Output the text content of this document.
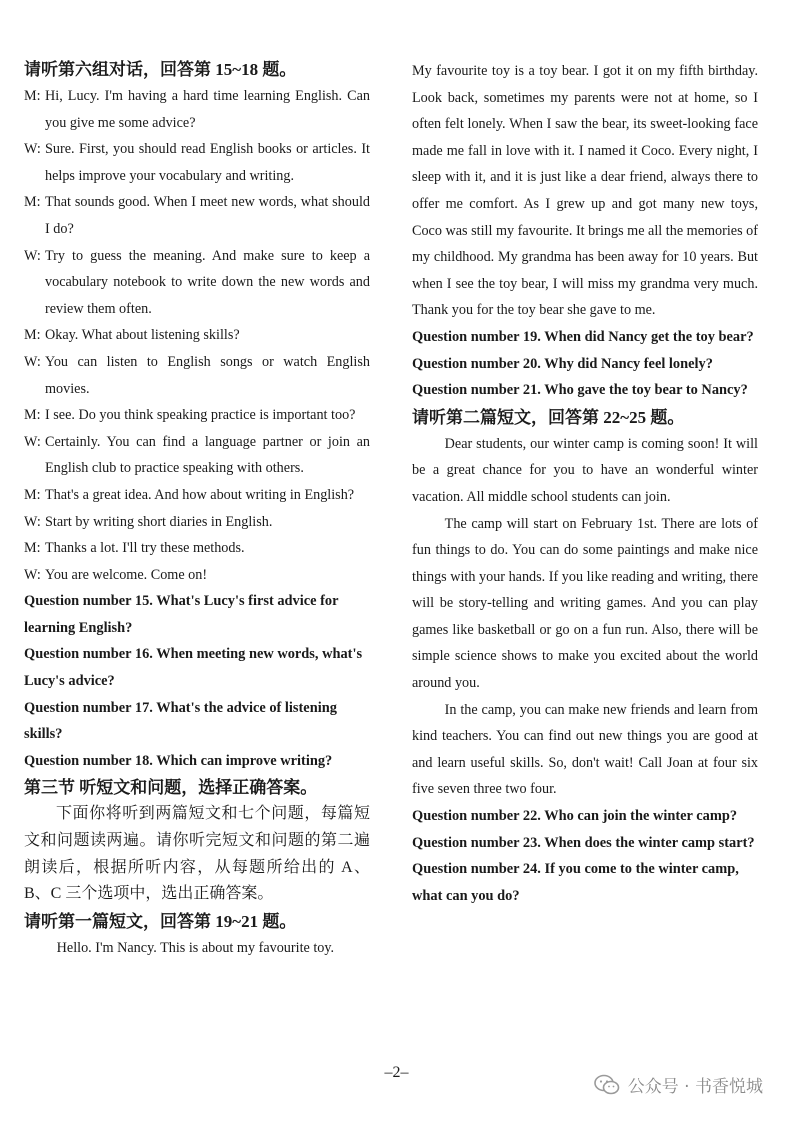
请听第六组对话，回答第 15~18 题。

M: Hi, Lucy. I'm having a hard time learning English. Can you give me some advice?
W: Sure. First, you should read English books or articles. It helps improve your vocabulary and writing.
M: That sounds good. When I meet new words, what should I do?
W: Try to guess the meaning. And make sure to keep a vocabulary notebook to write down the new words and review them often.
M: Okay. What about listening skills?
W: You can listen to English songs or watch English movies.
M: I see. Do you think speaking practice is important too?
W: Certainly. You can find a language partner or join an English club to practice speaking with others.
M: That's a great idea. And how about writing in English?
W: Start by writing short diaries in English.
M: Thanks a lot. I'll try these methods.
W: You are welcome. Come on!

Question number 15. What's Lucy's first advice for learning English?

Question number 16. When meeting new words, what's Lucy's advice?

Question number 17. What's the advice of listening skills?

Question number 18. Which can improve writing?

第三节 听短文和问题，选择正确答案。

下面你将听到两篇短文和七个问题，每篇短文和问题读两遍。请你听完短文和问题的第二遍朗读后，根据所听内容，从每题所给出的 A、B、C 三个选项中，选出正确答案。

请听第一篇短文，回答第 19~21 题。

Hello. I'm Nancy. This is about my favourite toy.

My favourite toy is a toy bear. I got it on my fifth birthday. Look back, sometimes my parents were not at home, so I often felt lonely. When I saw the bear, its sweet-looking face made me fall in love with it. I named it Coco. Every night, I sleep with it, and it is just like a dear friend, always there to offer me comfort. As I grew up and got many new toys, Coco was still my favourite. It brings me all the memories of my childhood. My grandma has been away for 10 years. But when I see the toy bear, I will miss my grandma very much. Thank you for the toy bear she gave to me.

Question number 19. When did Nancy get the toy bear?

Question number 20. Why did Nancy feel lonely?

Question number 21. Who gave the toy bear to Nancy?

请听第二篇短文，回答第 22~25 题。

Dear students, our winter camp is coming soon! It will be a great chance for you to have an wonderful winter vacation. All middle school students can join.

The camp will start on February 1st. There are lots of fun things to do. You can do some paintings and make nice things with your hands. If you like reading and writing, there will be story-telling and writing games. And you can play games like basketball or go on a fun run. Also, there will be simple science shows to make you excited about the world around you.

In the camp, you can make new friends and learn from kind teachers. You can find out new things you are good at and learn useful skills. So, don't wait! Call Joan at four six five seven three two four.

Question number 22. Who can join the winter camp?

Question number 23. When does the winter camp start?

Question number 24. If you come to the winter camp, what can you do?

–2–
公众号 · 书香悦城
